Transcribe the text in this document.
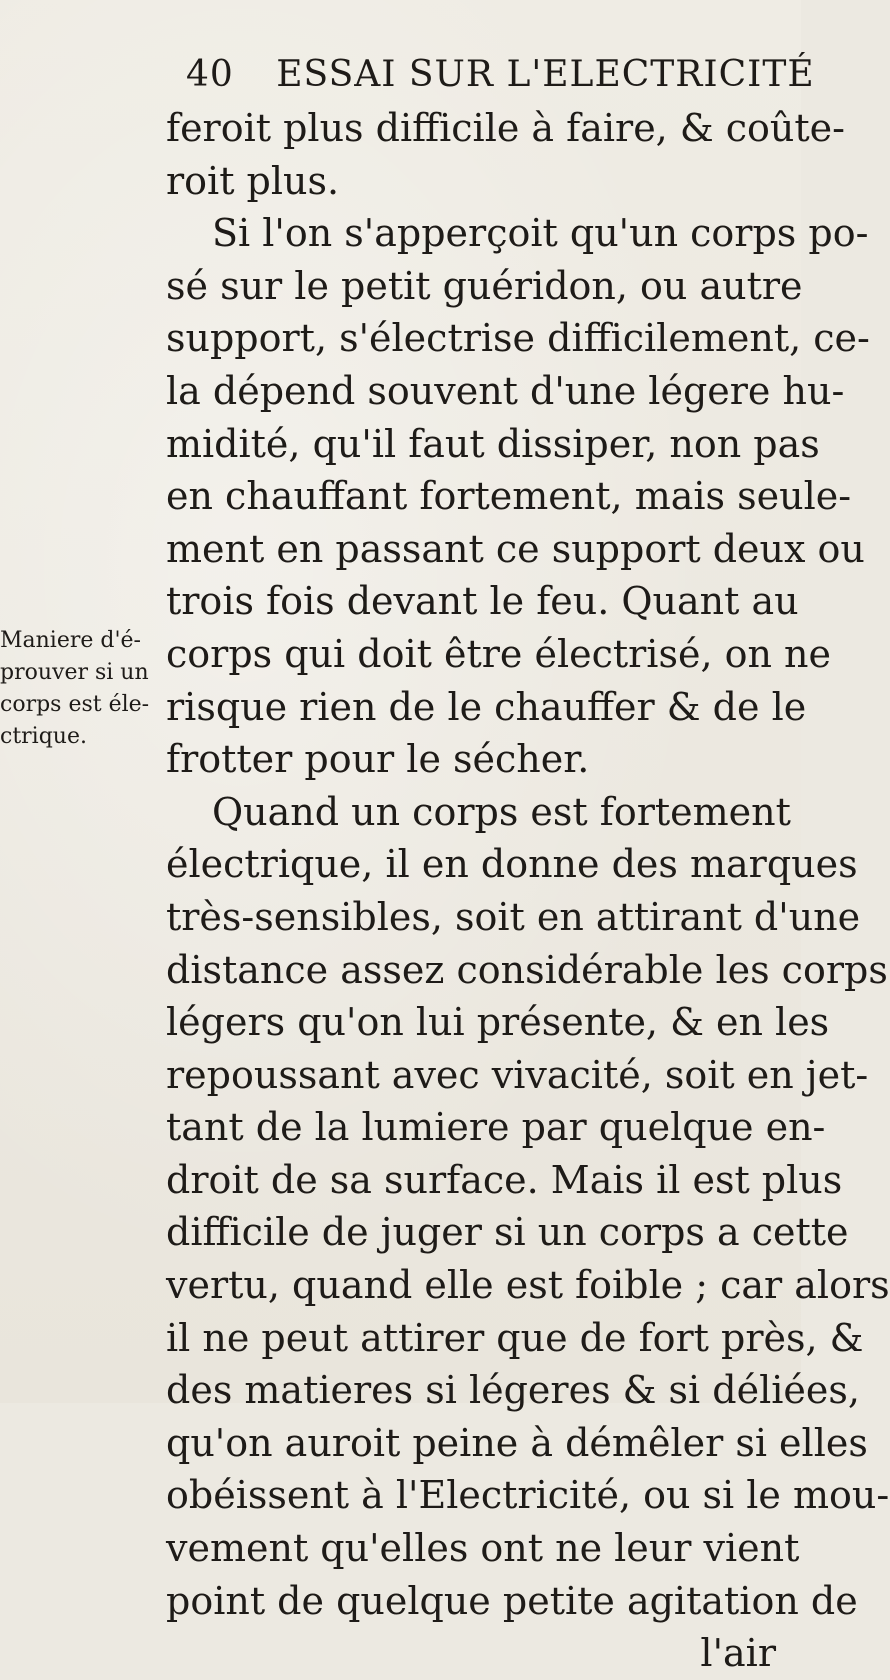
40 ESSAI SUR L'ELECTRICITÉ
Maniere d'é-
prouver si un
corps est éle-
ctrique.
feroit plus difficile à faire, & coûte-
roit plus.
Si l'on s'apperçoit qu'un corps po-
sé sur le petit guéridon, ou autre
support, s'électrise difficilement, ce-
la dépend souvent d'une légere hu-
midité, qu'il faut dissiper, non pas
en chauffant fortement, mais seule-
ment en passant ce support deux ou
trois fois devant le feu. Quant au
corps qui doit être électrisé, on ne
risque rien de le chauffer & de le
frotter pour le sécher.
Quand un corps est fortement
électrique, il en donne des marques
très-sensibles, soit en attirant d'une
distance assez considérable les corps
légers qu'on lui présente, & en les
repoussant avec vivacité, soit en jet-
tant de la lumiere par quelque en-
droit de sa surface. Mais il est plus
difficile de juger si un corps a cette
vertu, quand elle est foible ; car alors
il ne peut attirer que de fort près, &
des matieres si légeres & si déliées,
qu'on auroit peine à démêler si elles
obéissent à l'Electricité, ou si le mou-
vement qu'elles ont ne leur vient
point de quelque petite agitation de
l'air
